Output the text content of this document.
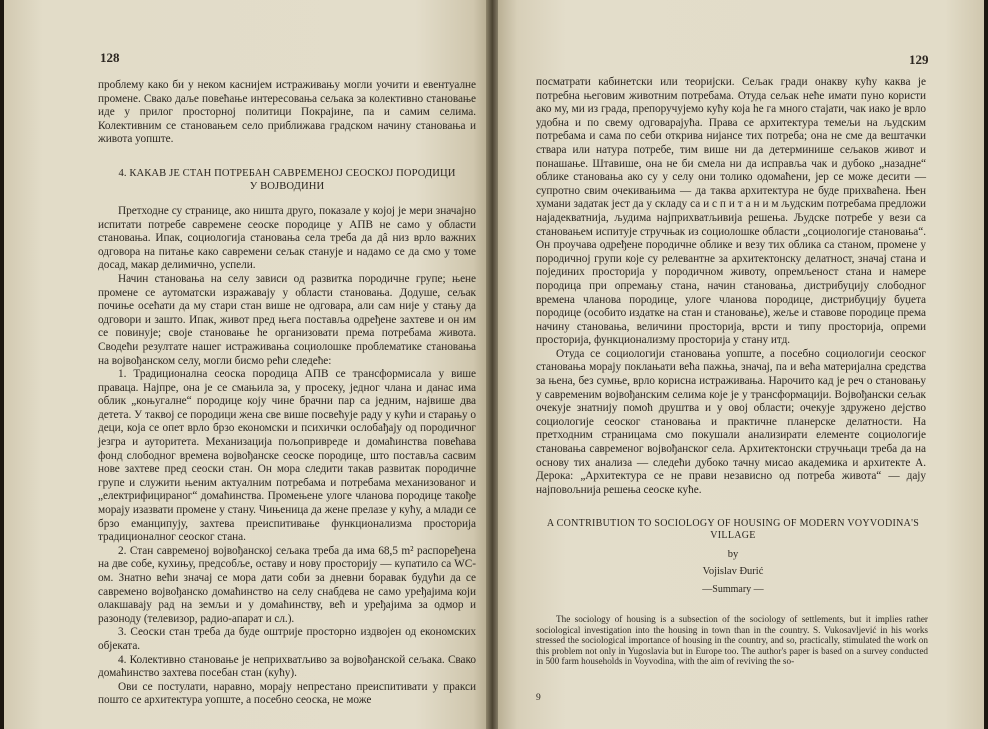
128

проблему како би у неком каснијем истраживању могли уочити и евентуалне промене. Свако даље повећање интересовања сељака за колективно становање иде у прилог просторној политици Покрајине, па и самим селима. Колективним се становањем село приближава градском начину становања и живота уопште.

4. КАКАВ ЈЕ СТАН ПОТРЕБАН САВРЕМЕНОЈ СЕОСКОЈ ПОРОДИЦИ
У ВОЈВОДИНИ

Претходне су странице, ако ништа друго, показале у којој је мери значајно испитати потребе савремене сеоске породице у АПВ не само у области становања. Ипак, социологија становања села треба да дâ низ врло важних одговора на питање како савремени сељак станује и надамо се да смо у томе досад, макар делимично, успели.

Начин становања на селу зависи од развитка породичне групе; њене промене се аутоматски изражавају у области становања. Додуше, сељак почиње осећати да му стари стан више не одговара, али сам није у стању да одговори и зашто. Ипак, живот пред њега поставља одређене захтеве и он им се повинује; своје становање he организовати према потребама живота. Сводећи резултате нашег истраживања социолошке проблематике становања на војвођанском селу, могли бисмо рећи следеће:

1. Традиционална сеоска породица АПВ се трансформисала у више праваца. Најпре, она је се смањила за, у просеку, једног члана и данас има облик „коњугалне“ породице коју чине брачни пар са једним, највише два детета. У таквој се породици жена све више посвећује раду у кући и старању о деци, која се опет врло брзо економски и психички ослобађају од породичног језгра и ауторитета. Механизација пољопривреде и домаћинства повећава фонд слободног времена војвођанске сеоске породице, што поставља сасвим нове захтеве пред сеоски стан. Он мора следити такав развитак породичне групе и служити њеним актуалним потребама и потребама механизованог и „електрифицираног“ домаћинства. Промењене улоге чланова породице такође морају изазвати промене у стану. Чињеница да жене прелазе у кућу, а млади се брзо еманципују, захтева преиспитивање функционализма просторија традиционалног сеоског стана.

2. Стан савременој војвођанској сељака треба да има 68,5 m² распоређена на две собе, кухињу, предсобље, оставу и нову просторију — купатило са WC-ом. Знатно већи значај се мора дати соби за дневни боравак будући да се савремено војвођанско домаћинство на селу снабдева не само уређајима који олакшавају рад на земљи и у домаћинству, већ и уређајима за одмор и разоноду (телевизор, радио-апарат и сл.).

3. Сеоски стан треба да буде оштрије просторно издвојен од економских објеката.

4. Колективно становање је неприхватљиво за војвођанской сељака. Свако домаћинство захтева посебан стан (кућу).

Ови се постулати, наравно, морају непрестано преиспитивати у пракси пошто се архитектура уопште, а посебно сеоска, не може

129

посматрати кабинетски или теоријски. Сељак гради онакву кућу каква је потребна његовим животним потребама. Отуда сељак неће имати пуно користи ако му, ми из града, препоручујемо кућу која he га много стајати, чак иако је врло удобна и по свему одговарајућа. Права се архитектура темељи на људским потребама и сама по себи открива нијансе тих потреба; она не сме да вештачки ствара или натура потребе, тим више ни да детерминише сељаков живот и понашање. Штавише, она не би смела ни да исправља чак и дубоко „назадне“ облике становања ако су у селу они толико одомаћени, јер се може десити — супротно свим очекивањима — да таква архитектура не буде прихваћена. Њен хумани задатак јест да у складу са и с п и т а н и м људским потребама предложи најадекватнија, људима најприхватљивија решења. Људске потребе у вези са становањем испитује стручњак из социолошке области „социологије становања“. Он проучава одређене породичне облике и везу тих облика са станом, промене у породичној групи које су релевантне за архитектонску делатност, значај стана и појединих просторија у породичном животу, опремљеност стана и намере породица при опремању стана, начин становања, дистрибуцију слободног времена чланова породице, улоге чланова породице, дистрибуцију буџета породице (особито издатке на стан и становање), жеље и ставове породице према начину становања, величини просторија, врсти и типу просторија, опреми просторија, функционализму просторија у стану итд.

Отуда се социологији становања уопште, а посебно социологији сеоског становања морају поклањати већа пажња, значај, па и већа материјална средства за њена, без сумње, врло корисна истраживања. Нарочито кад је реч о становању у савременим војвођанским селима које је у трансформацији. Војвођански сељак очекује знатнију помоћ друштва и у овој области; очекује здружено дејство социологије сеоског становања и практичне планерске делатности. На претходним страницама смо покушали анализирати елементе социологије становања савременог војвођанског села. Архитектонски стручњаци треба да на основу тих анализа — следећи дубоко тачну мисао академика и архитекте А. Дерока: „Архитектура се не прави независно од потреба живота“ — дају најповољнија решења сеоске куће.

A CONTRIBUTION TO SOCIOLOGY OF HOUSING OF MODERN VOYVODINA'S
VILLAGE
by
Vojislav Đurić
—Summary —

The sociology of housing is a subsection of the sociology of settlements, but it implies rather sociological investigation into the housing in town than in the country. S. Vukosavljević in his works stressed the sociological importance of housing in the country, and so, practically, stimulated the work on this problem not only in Yugoslavia but in Europe too. The author's paper is based on a survey conducted in 500 farm households in Voyvodina, with the aim of reviving the so-

9
